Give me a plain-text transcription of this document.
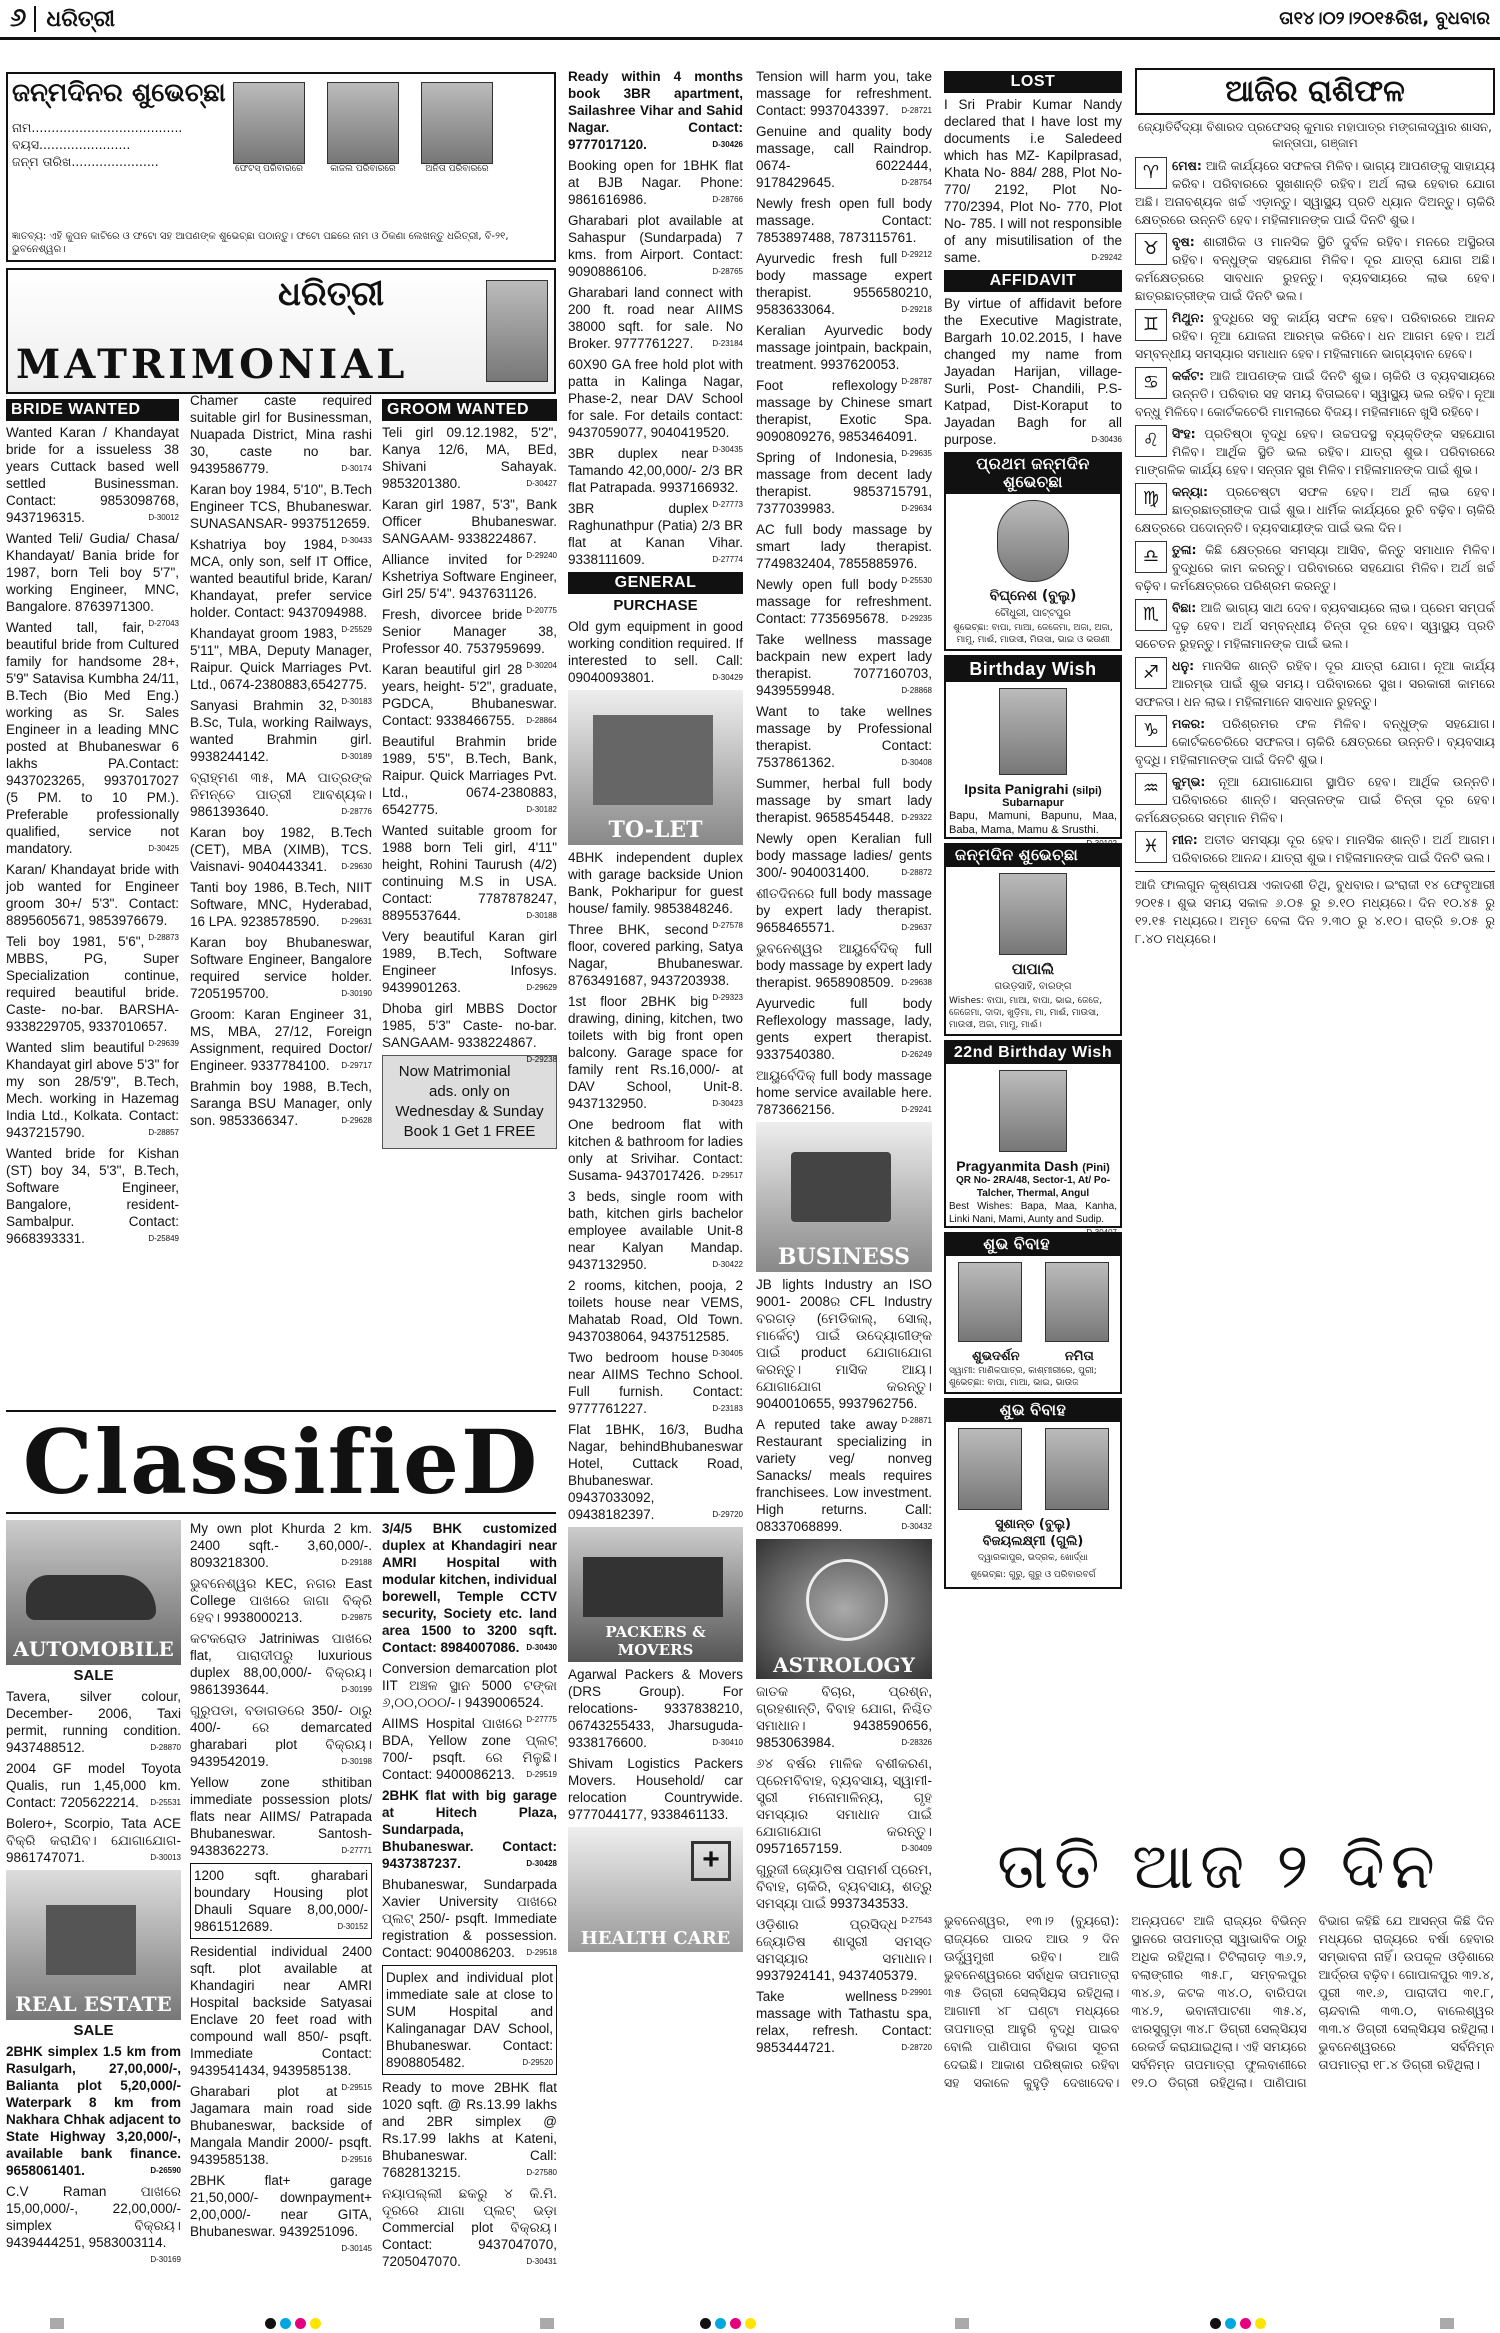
୬ ଧରିତ୍ରୀ	ତା୧୪।୦୨।୨୦୧୫ରିଖ, ବୁଧବାର
ଜନ୍ମଦିନର ଶୁଭେଚ୍ଛା
ନାମ......................................
ବୟସ.......................
ଜନ୍ମ ତାରିଖ......................	ଫେଟସ୍ ପରିବାରରେ	କାଜଲ ପରିବାରରେ	ଅନିତା ପରିବାରରେ
ଜ୍ଞାତବ୍ୟ: ଏହି କୁପନ କାଟିରେ ଓ ଫଟୋ ସହ ଆପଣଙ୍କ ଶୁଭେଚ୍ଛା ପଠାନ୍ତୁ। ଫଟୋ ପଛରେ ନାମ ଓ ଠିକଣା ଲେଖନ୍ତୁ ଧରିତ୍ରୀ, ବି-୨୧, ଭୁବନେଶ୍ୱର।
ଧରିତ୍ରୀ
MATRIMONIAL
BRIDE WANTED
Wanted Karan / Khandayat bride for a issueless 38 years Cuttack based well settled Businessman. Contact: 9853098768, 9437196315.	D-30012
Wanted Teli/ Gudia/ Chasa/ Khandayat/ Bania bride for 1987, born Teli boy 5'7", working Engineer, MNC, Bangalore. 8763971300.
D-27043
Wanted tall, fair, beautiful bride from Cultured family for handsome 28+, 5'9" Satavisa Kumbha 24/11, B.Tech (Bio Med Eng.) working as Sr. Sales Engineer in a leading MNC posted at Bhubaneswar 6 lakhs PA.Contact: 9437023265, 9937017027 (5 PM. to 10 PM.). Preferable professionally qualified, service not mandatory.	D-30425
Karan/ Khandayat bride with job wanted for Engineer groom 30+/ 5'3". Contact: 8895605671, 9853976679.
D-28873
Teli boy 1981, 5'6", MBBS, PG, Super Specialization continue, required beautiful bride. Caste- no-bar. BARSHA- 9338229705, 9337010657.
D-29639
Wanted slim beautiful Khandayat girl above 5'3" for my son 28/5'9", B.Tech, Mech. working in Hazemag India Ltd., Kolkata. Contact: 9437215790.	D-28857
Wanted bride for Kishan (ST) boy 34, 5'3", B.Tech, Software Engineer, Bangalore, resident- Sambalpur. Contact: 9668393331.	D-25849
Chamer caste required suitable girl for Businessman, Nuapada District, Mina rashi 30, caste no bar. 9439586779.	D-30174
Karan boy 1984, 5'10", B.Tech Engineer TCS, Bhubaneswar. SUNASANSAR- 9937512659.
D-30433
Kshatriya boy 1984, MCA, only son, self IT Office, wanted beautiful bride, Karan/ Khandayat, prefer service holder. Contact: 9437094988.
D-25529
Khandayat groom 1983, 5'11", MBA, Deputy Manager, Raipur. Quick Marriages Pvt. Ltd., 0674-2380883,6542775.
D-30183
Sanyasi Brahmin 32, B.Sc, Tula, working Railways, wanted Brahmin girl. 9938244142.	D-30189
ବ୍ରାହ୍ମଣ ୩୫, MA ପାତ୍ରଙ୍କ ନିମନ୍ତେ ପାତ୍ରୀ ଆବଶ୍ୟକ। 9861393640.	D-28776
Karan boy 1982, B.Tech (CET), MBA (XIMB), TCS. Vaisnavi- 9040443341. D-29630
Tanti boy 1986, B.Tech, NIIT Software, MNC, Hyderabad, 16 LPA. 9238578590.	D-29631
Karan boy Bhubaneswar, Software Engineer, Bangalore required service holder. 7205195700.	D-30190
Groom: Karan Engineer 31, MS, MBA, 27/12, Foreign Assignment, required Doctor/ Engineer. 9337784100. D-29717
Brahmin boy 1988, B.Tech, Saranga BSU Manager, only son. 9853366347.	D-29628
GROOM WANTED
Teli girl 09.12.1982, 5'2", Kanya 12/6, MA, BEd, Shivani Sahayak. 9853201380.	D-30427
Karan girl 1987, 5'3", Bank Officer Bhubaneswar. SANGAAM- 9338224867.
D-29240
Alliance invited for Kshetriya Software Engineer, Girl 25/ 5'4". 9437631126.
D-20775
Fresh, divorcee bride Senior Manager 38, Professor 40. 7537959699.
D-30204
Karan beautiful girl 28 years, height- 5'2", graduate, PGDCA, Bhubaneswar. Contact: 9338466755. D-28864
Beautiful Brahmin bride 1989, 5'5", B.Tech, Bank, Raipur. Quick Marriages Pvt. Ltd., 0674-2380883, 6542775.	D-30182
Wanted suitable groom for 1988 born Teli girl, 4'11" height, Rohini Taurush (4/2) continuing M.S in USA. Contact: 7787878247, 8895537644.	D-30188
Very beautiful Karan girl 1989, B.Tech, Software Engineer Infosys. 9439901263.	D-29629
Dhoba girl MBBS Doctor 1985, 5'3" Caste- no-bar. SANGAAM- 9338224867.
D-29238
Now Matrimonial ads. only on
Wednesday & Sunday
Book 1 Get 1 FREE
ClassifieD
AUTOMOBILE
SALE
Tavera, silver colour, December- 2006, Taxi permit, running condition. 9437488512.	D-28870
2004 GF model Toyota Qualis, run 1,45,000 km. Contact: 7205622214. D-25531
Bolero+, Scorpio, Tata ACE ବିକ୍ରି କରାଯିବ। ଯୋଗାଯୋଗ- 9861747071.	D-30013
REAL ESTATE
SALE
2BHK simplex 1.5 km from Rasulgarh, 27,00,000/-, Balianta plot 5,20,000/- Waterpark 8 km from Nakhara Chhak adjacent to State Highway 3,20,000/-, available bank finance. 9658061401.	D-26590
C.V Raman ପାଖରେ 15,00,000/-, 22,00,000/- simplex ବିକ୍ରୟ। 9439444251, 9583003114.
D-30169
My own plot Khurda 2 km. 2400 sqft.- 3,60,000/-. 8093218300.	D-29188
ଭୁବନେଶ୍ୱର KEC, ନଗର East College ପାଖରେ ଜାଗା ବିକ୍ରି ହେବ। 9938000213.	D-29875
କଟକରୋଡ Jatriniwas ପାଖରେ flat, ପାରାଦୀପରୁ luxurious duplex 88,00,000/- ବିକ୍ରୟ। 9861393644.	D-30199
ଗୁରୁପଡା, ବଡାଗଡରେ 350/- ଠାରୁ 400/- ରେ demarcated gharabari plot ବିକ୍ରୟ। 9439542019.	D-30198
Yellow zone sthitiban immediate possession plots/ flats near AIIMS/ Patrapada Bhubaneswar. Santosh- 9438362273.	D-27771
1200 sqft. gharabari boundary Housing plot Dhauli Square 8,00,000/- 9861512689.	D-30152
Residential individual 2400 sqft. plot available at Khandagiri near AMRI Hospital backside Satyasai Enclave 20 feet road with compound wall 850/- psqft. Immediate Contact: 9439541434, 9439585138.
D-29515
Gharabari plot at Jagamara main road side Bhubaneswar, backside of Mangala Mandir 2000/- psqft. 9439585138.	D-29516
2BHK flat+ garage 21,50,000/- downpayment+ 2,00,000/- near GITA, Bhubaneswar. 9439251096.
D-30145
3/4/5 BHK customized duplex at Khandagiri near AMRI Hospital with modular kitchen, individual borewell, Temple CCTV security, Society etc. land area 1500 to 3200 sqft. Contact: 8984007086. D-30430
Conversion demarcation plot IIT ଅଞ୍ଚଳ ସ୍ଥାନ 5000 ଟଙ୍କା ୬,୦୦,୦୦୦/-। 9439006524.
D-27775
AIIMS Hospital ପାଖରେ BDA, Yellow zone ପ୍ଲଟ୍ 700/- psqft. ରେ ମିଳୁଛି। Contact: 9400086213. D-29519
2BHK flat with big garage at Hitech Plaza, Sundarpada, Bhubaneswar. Contact: 9437387237.	D-30428
Bhubaneswar, Sundarpada Xavier University ପାଖରେ ପ୍ଲଟ୍ 250/- psqft. Immediate registration & possession. Contact: 9040086203. D-29518
Duplex and individual plot immediate sale at close to SUM Hospital and Kalinganagar DAV School, Bhubaneswar. Contact: 8908805482.	D-29520
Ready to move 2BHK flat 1020 sqft. @ Rs.13.99 lakhs and 2BR simplex @ Rs.17.99 lakhs at Kateni, Bhubaneswar. Call: 7682813215.	D-27580
ନୟାପଲ୍ଲୀ ଛକରୁ ୪ କି.ମି. ଦୂରରେ ଯାଗା ପ୍ଲଟ୍ ଭଡ଼ା Commercial plot ବିକ୍ରୟ। Contact: 9437047070, 7205047070.	D-30431
Ready within 4 months book 3BR apartment, Sailashree Vihar and Sahid Nagar. Contact: 9777017120.	D-30426
Booking open for 1BHK flat at BJB Nagar. Phone: 9861616986.	D-28766
Gharabari plot available at Sahaspur (Sundarpada) 7 kms. from Airport. Contact: 9090886106.	D-28765
Gharabari land connect with 200 ft. road near AIIMS 38000 sqft. for sale. No Broker. 9777761227. D-23184
60X90 GA free hold plot with patta in Kalinga Nagar, Phase-2, near DAV School for sale. For details contact: 9437059077, 9040419520.
D-30435
3BR duplex near Tamando 42,00,000/- 2/3 BR flat Patrapada. 9937166932.
D-27773
3BR duplex Raghunathpur (Patia) 2/3 BR flat at Kanan Vihar. 9338111609.	D-27774
GENERAL
PURCHASE
Old gym equipment in good working condition required. If interested to sell. Call: 09040093801.	D-30429
TO-LET
4BHK independent duplex with garage backside Union Bank, Pokharipur for guest house/ family. 9853848246.
D-27578
Three BHK, second floor, covered parking, Satya Nagar, Bhubaneswar. 8763491687, 9437203938.
D-29323
1st floor 2BHK big drawing, dining, kitchen, two toilets with big front open balcony. Garage space for family rent Rs.16,000/- at DAV School, Unit-8. 9437132950.	D-30423
One bedroom flat with kitchen & bathroom for ladies only at Srivihar. Contact: Susama- 9437017426. D-29517
3 beds, single room with bath, kitchen girls bachelor employee available Unit-8 near Kalyan Mandap. 9437132950.	D-30422
2 rooms, kitchen, pooja, 2 toilets house near VEMS, Mahatab Road, Old Town. 9437038064, 9437512585.
D-30405
Two bedroom house near AIIMS Techno School. Full furnish. Contact: 9777761227.	D-23183
Flat 1BHK, 16/3, Budha Nagar, behindBhubaneswar Hotel, Cuttack Road, Bhubaneswar. 09437033092, 09438182397.	D-29720
PACKERS & MOVERS
Agarwal Packers & Movers (DRS Group). For relocations- 9337838210, 06743255433, Jharsuguda-9338176600.	D-30410
Shivam Logistics Packers Movers. Household/ car relocation Countrywide. 9777044177, 9338461133.
+
HEALTH CARE
Tension will harm you, take massage for refreshment. Contact: 9937043397. D-28721
Genuine and quality body massage, call Raindrop. 0674- 6022444, 9178429645.	D-28754
Newly fresh open full body massage. Contact: 7853897488, 7873115761.
D-29212
Ayurvedic fresh full body massage expert therapist. 9556580210, 9583633064.	D-29218
Keralian Ayurvedic body massage jointpain, backpain, treatment. 9937620053.
D-28787
Foot reflexology massage by Chinese smart therapist, Exotic Spa. 9090809276, 9853464091.
D-29635
Spring of Indonesia, massage from decent lady therapist. 9853715791, 7377039983.	D-29634
AC full body massage by smart lady therapist. 7749832404, 7855885976.
D-25530
Newly open full body massage for refreshment. Contact: 7735695678. D-29235
Take wellness massage backpain new expert lady therapist. 7077160703, 9439559948.	D-28868
Want to take wellnes massage by Professional therapist. Contact: 7537861362.	D-30408
Summer, herbal full body massage by smart lady therapist. 9658545448. D-29322
Newly open Keralian full body massage ladies/ gents 300/- 9040031400.	D-28872
ଶୀତଦିନରେ full body massage by expert lady therapist. 9658465571.	D-29637
ଭୁବନେଶ୍ୱର ଆୟୁର୍ବେଦିକ୍ full body massage by expert lady therapist. 9658908509. D-29638
Ayurvedic full body Reflexology massage, lady, gents expert therapist. 9337540380.	D-26249
ଆୟୁର୍ବେଦିକ୍ full body massage home service available here. 7873662156.	D-29241
BUSINESS
JB lights Industry an ISO 9001- 2008ର CFL Industry ବରଗଡ଼ (ମେଡିକାଲ୍, ସୋଲ୍, ମାର୍କେଟ୍) ପାଇଁ ଉଦ୍ୟୋଗୀଙ୍କ ପାଇଁ product ଯୋଗାଯୋଗ କରନ୍ତୁ। ମାସିକ ଆୟ। ଯୋଗାଯୋଗ କରନ୍ତୁ। 9040010655, 9937962756.
D-28871
A reputed take away Restaurant specializing in variety veg/ nonveg Sanacks/ meals requires franchisees. Low investment. High returns. Call: 08337068899.	D-30432
ASTROLOGY
ଜାତକ ବିଚାର, ପ୍ରଶ୍ନ, ଗ୍ରହଶାନ୍ତି, ବିବାହ ଯୋଗ, ନିଶ୍ଚିତ ସମାଧାନ। 9438590656, 9853063984.	D-28326
୬୪ ବର୍ଷର ମାଳିକ ବଶୀକରଣ, ପ୍ରେମବିବାହ, ବ୍ୟବସାୟ, ସ୍ୱାମୀ-ସ୍ତ୍ରୀ ମନୋମାଳିନ୍ୟ, ଗୃହ ସମସ୍ୟାର ସମାଧାନ ପାଇଁ ଯୋଗାଯୋଗ କରନ୍ତୁ। 09571657159.	D-30409
ଗୁରୁଜୀ ଜ୍ୟୋତିଷ ପରାମର୍ଶ ପ୍ରେମ, ବିବାହ, ଚାକିରି, ବ୍ୟବସାୟ, ଶତ୍ରୁ ସମସ୍ୟା ପାଇଁ 9937343533.
D-27543
ଓଡ଼ିଶାର ପ୍ରସିଦ୍ଧ ଜ୍ୟୋତିଷ ଶାସ୍ତ୍ରୀ ସମସ୍ତ ସମସ୍ୟାର ସମାଧାନ। 9937924141, 9437405379.
D-29901
Take wellness massage with Tathastu spa, relax, refresh. Contact: 9853444721.	D-28720
LOST
I Sri Prabir Kumar Nandy declared that I have lost my documents i.e Saledeed which has MZ- Kapilprasad, Khata No- 884/ 288, Plot No- 770/ 2192, Plot No- 770/2394, Plot No- 770, Plot No- 785. I will not responsible of any misutilisation of the same.	D-29242
AFFIDAVIT
By virtue of affidavit before the Executive Magistrate, Bargarh 10.02.2015, I have changed my name from Jayadan Harijan, village- Surli, Post- Chandili, P.S- Katpad, Dist-Koraput to Jayadan Bagh for all purpose.	D-30436
ପ୍ରଥମ ଜନ୍ମଦିନ ଶୁଭେଚ୍ଛା
ବିଘ୍ନେଶ (ବୁଲୁ)
ଚୌଧୁରୀ, ପାଟ୍ଟପୁର
ଶୁଭେଚ୍ଛା: ବାପା, ମାଆ, ଜେଜେମା, ଅଜା, ଅଜା, ମାମୁ, ମାଈଁ, ମାଉସୀ, ମିଉସା, ଭାଇ ଓ ଭଉଣୀ
Birthday Wish
Ipsita Panigrahi (silpi)
Subarnapur
Bapu, Mamuni, Bapunu, Maa, Baba, Mama, Mamu & Srusthi.
D-30102
ଜନ୍ମଦିନ ଶୁଭେଚ୍ଛା
ପାପାଲି
ଗଉଡ଼ସାହି, ବାରଙ୍ଗ
Wishes: ବାପା, ମାଆ, ବାପା, ଭାଇ, ଜେଜେ, ଜେଜେମା, ଦାଦା, ଖୁଡ଼ିମା, ମା, ମାଈଁ, ମାଉସା, ମାଉସୀ, ଅଜା, ମାମୁ, ମାଈଁ।
22nd Birthday Wish
Pragyanmita Dash (Pini)
QR No- 2RA/48, Sector-1, At/ Po- Talcher, Thermal, Angul
Best Wishes: Bapa, Maa, Kanha, Linki Nani, Mami, Aunty and Sudip.
D-30407
ଶୁଭ ବିବାହ
ଶୁଭଦର୍ଶନ          ନମିତା
ସ୍ୱାମୀ: ମାଣିକପାତ୍ର, କାଶ୍ମୀରୀରେ, ପୁରୀ; ଶୁଭେଚ୍ଛା: ବାପା, ମାଆ, ଭାଇ, ଭାଉଜ
ଶୁଭ ବିବାହ
ସୁଶାନ୍ତ (ବୁଲୁ)
ବିଜୟଲକ୍ଷ୍ମୀ (ଗୁଲି)
ଦ୍ୱାରକାପୁର, ଭଦ୍ରକ, ଖୋର୍ଦ୍ଧା
ଶୁଭେଚ୍ଛା: ଗୁରୁ, ଗୁରୁ ଓ ପରିବାରବର୍ଗ
ଆଜିର ରାଶିଫଳ
ଜ୍ୟୋତିର୍ବିଦ୍ୟା ବିଶାରଦ ପ୍ରଫେସର୍ କୁମାର ମହାପାତ୍ର ମଙ୍ଗଳାଦ୍ୱାର ଶାସନ, କାନ୍ତାପା, ଗଞ୍ଜାମ
♈	ମେଷ: ଆଜି କାର୍ଯ୍ୟରେ ସଫଳତା ମିଳିବ। ଭାଗ୍ୟ ଆପଣଙ୍କୁ ସାହାଯ୍ୟ କରିବ। ପରିବାରରେ ସୁଖଶାନ୍ତି ରହିବ। ଅର୍ଥ ଲାଭ ହେବାର ଯୋଗ ଅଛି। ଅନାବଶ୍ୟକ ଖର୍ଚ୍ଚ ଏଡ଼ାନ୍ତୁ। ସ୍ୱାସ୍ଥ୍ୟ ପ୍ରତି ଧ୍ୟାନ ଦିଅନ୍ତୁ। ଚାକିରି କ୍ଷେତ୍ରରେ ଉନ୍ନତି ହେବ। ମହିଳାମାନଙ୍କ ପାଇଁ ଦିନଟି ଶୁଭ।
♉	ବୃଷ: ଶାରୀରିକ ଓ ମାନସିକ ସ୍ଥିତି ଦୁର୍ବଳ ରହିବ। ମନରେ ଅସ୍ଥିରତା ରହିବ। ବନ୍ଧୁଙ୍କ ସହଯୋଗ ମିଳିବ। ଦୂର ଯାତ୍ରା ଯୋଗ ଅଛି। କର୍ମକ୍ଷେତ୍ରରେ ସାବଧାନ ରୁହନ୍ତୁ। ବ୍ୟବସାୟରେ ଲାଭ ହେବ। ଛାତ୍ରଛାତ୍ରୀଙ୍କ ପାଇଁ ଦିନଟି ଭଲ।
♊	ମିଥୁନ: ବୁଦ୍ଧିରେ ସବୁ କାର୍ଯ୍ୟ ସଫଳ ହେବ। ପରିବାରରେ ଆନନ୍ଦ ରହିବ। ନୂଆ ଯୋଜନା ଆରମ୍ଭ କରିବେ। ଧନ ଆଗମ ହେବ। ଅର୍ଥ ସମ୍ବନ୍ଧୀୟ ସମସ୍ୟାର ସମାଧାନ ହେବ। ମହିଳାମାନେ ଭାଗ୍ୟବାନ ହେବେ।
♋	କର୍କଟ: ଆଜି ଆପଣଙ୍କ ପାଇଁ ଦିନଟି ଶୁଭ। ଚାକିରି ଓ ବ୍ୟବସାୟରେ ଉନ୍ନତି। ପରିବାର ସହ ସମୟ ବିତାଇବେ। ସ୍ୱାସ୍ଥ୍ୟ ଭଲ ରହିବ। ନୂଆ ବନ୍ଧୁ ମିଳିବେ। କୋର୍ଟକଚେରି ମାମଲାରେ ବିଜୟ। ମହିଳାମାନେ ଖୁସି ରହିବେ।
♌	ସିଂହ: ପ୍ରତିଷ୍ଠା ବୃଦ୍ଧି ହେବ। ଉଚ୍ଚପଦସ୍ଥ ବ୍ୟକ୍ତିଙ୍କ ସହଯୋଗ ମିଳିବ। ଆର୍ଥିକ ସ୍ଥିତି ଭଲ ରହିବ। ଯାତ୍ରା ଶୁଭ। ପରିବାରରେ ମାଙ୍ଗଳିକ କାର୍ଯ୍ୟ ହେବ। ସନ୍ତାନ ସୁଖ ମିଳିବ। ମହିଳାମାନଙ୍କ ପାଇଁ ଶୁଭ।
♍	କନ୍ୟା: ପ୍ରଚେଷ୍ଟା ସଫଳ ହେବ। ଅର୍ଥ ଲାଭ ହେବ। ଛାତ୍ରଛାତ୍ରୀଙ୍କ ପାଇଁ ଶୁଭ। ଧାର୍ମିକ କାର୍ଯ୍ୟରେ ରୁଚି ବଢ଼ିବ। ଚାକିରି କ୍ଷେତ୍ରରେ ପଦୋନ୍ନତି। ବ୍ୟବସାୟୀଙ୍କ ପାଇଁ ଭଲ ଦିନ।
♎	ତୁଳା: କିଛି କ୍ଷେତ୍ରରେ ସମସ୍ୟା ଆସିବ, କିନ୍ତୁ ସମାଧାନ ମିଳିବ। ବୁଦ୍ଧିରେ କାମ କରନ୍ତୁ। ପରିବାରରେ ସହଯୋଗ ମିଳିବ। ଅର୍ଥ ଖର୍ଚ୍ଚ ବଢ଼ିବ। କର୍ମକ୍ଷେତ୍ରରେ ପରିଶ୍ରମ କରନ୍ତୁ।
♏	ବିଛା: ଆଜି ଭାଗ୍ୟ ସାଥ ଦେବ। ବ୍ୟବସାୟରେ ଲାଭ। ପ୍ରେମ ସମ୍ପର୍କ ଦୃଢ଼ ହେବ। ଅର୍ଥ ସମ୍ବନ୍ଧୀୟ ଚିନ୍ତା ଦୂର ହେବ। ସ୍ୱାସ୍ଥ୍ୟ ପ୍ରତି ସଚେତନ ରୁହନ୍ତୁ। ମହିଳାମାନଙ୍କ ପାଇଁ ଭଲ।
♐	ଧନୁ: ମାନସିକ ଶାନ୍ତି ରହିବ। ଦୂର ଯାତ୍ରା ଯୋଗ। ନୂଆ କାର୍ଯ୍ୟ ଆରମ୍ଭ ପାଇଁ ଶୁଭ ସମୟ। ପରିବାରରେ ସୁଖ। ସରକାରୀ କାମରେ ସଫଳତା। ଧନ ଲାଭ। ମହିଳାମାନେ ସାବଧାନ ରୁହନ୍ତୁ।
♑	ମକର: ପରିଶ୍ରମର ଫଳ ମିଳିବ। ବନ୍ଧୁଙ୍କ ସହଯୋଗ। କୋର୍ଟକଚେରିରେ ସଫଳତା। ଚାକିରି କ୍ଷେତ୍ରରେ ଉନ୍ନତି। ବ୍ୟବସାୟ ବୃଦ୍ଧି। ମହିଳାମାନଙ୍କ ପାଇଁ ଦିନଟି ଶୁଭ।
♒	କୁମ୍ଭ: ନୂଆ ଯୋଗାଯୋଗ ସ୍ଥାପିତ ହେବ। ଆର୍ଥିକ ଉନ୍ନତି। ପରିବାରରେ ଶାନ୍ତି। ସନ୍ତାନଙ୍କ ପାଇଁ ଚିନ୍ତା ଦୂର ହେବ। କର୍ମକ୍ଷେତ୍ରରେ ସମ୍ମାନ ମିଳିବ।
♓	ମୀନ: ଅତୀତ ସମସ୍ୟା ଦୂର ହେବ। ମାନସିକ ଶାନ୍ତି। ଅର୍ଥ ଆଗମ। ପରିବାରରେ ଆନନ୍ଦ। ଯାତ୍ରା ଶୁଭ। ମହିଳାମାନଙ୍କ ପାଇଁ ଦିନଟି ଭଲ।
ଆଜି ଫାଲଗୁନ କୃଷ୍ଣପକ୍ଷ ଏକାଦଶୀ ତିଥି, ବୁଧବାର। ଇଂରାଜୀ ୧୪ ଫେବୃଆରୀ ୨୦୧୫। ଶୁଭ ସମୟ ସକାଳ ୬.୦୫ ରୁ ୭.୧୦ ମଧ୍ୟରେ। ଦିନ ୧୦.୪୫ ରୁ ୧୨.୧୫ ମଧ୍ୟରେ। ଅମୃତ ବେଳା ଦିନ ୨.୩୦ ରୁ ୪.୧୦। ରାତ୍ରି ୭.୦୫ ରୁ ୮.୪୦ ମଧ୍ୟରେ।
ତାତି ଆଜ ୨ ଦିନ
ଭୁବନେଶ୍ୱର, ୧୩।୨ (ବ୍ୟୁରୋ): ରାଜ୍ୟରେ ପାରଦ ଆଉ ୨ ଦିନ ଊର୍ଦ୍ଧ୍ୱମୁଖୀ ରହିବ। ଆଜି ଭୁବନେଶ୍ୱରରେ ସର୍ବାଧିକ ତାପମାତ୍ରା ୩୫ ଡିଗ୍ରୀ ସେଲ୍ସିୟସ ରହିଥିଲା। ଆଗାମୀ ୪୮ ଘଣ୍ଟା ମଧ୍ୟରେ ତାପମାତ୍ରା ଆହୁରି ବୃଦ୍ଧି ପାଇବ ବୋଲି ପାଣିପାଗ ବିଭାଗ ସୂଚନା ଦେଇଛି। ଆକାଶ ପରିଷ୍କାର ରହିବା ସହ ସକାଳେ କୁହୁଡ଼ି ଦେଖାଦେବ। ଅନ୍ୟପଟେ ଆଜି ରାଜ୍ୟର ବିଭିନ୍ନ ସ୍ଥାନରେ ତାପମାତ୍ରା ସ୍ୱାଭାବିକ ଠାରୁ ଅଧିକ ରହିଥିଲା। ଟିଟିଲାଗଡ଼ ୩୬.୨, ବଲାଙ୍ଗୀର ୩୫.୮, ସମ୍ବଲପୁର ୩୪.୬, କଟକ ୩୪.୦, ବାରିପଦା ୩୪.୨, ଭବାନୀପାଟଣା ୩୫.୪, ଝାରସୁଗୁଡ଼ା ୩୪.୮ ଡିଗ୍ରୀ ସେଲ୍ସିୟସ ରେକର୍ଡ କରାଯାଇଥିଲା। ଏହି ସମୟରେ ସର୍ବନିମ୍ନ ତାପମାତ୍ରା ଫୁଲବାଣୀରେ ୧୨.୦ ଡିଗ୍ରୀ ରହିଥିଲା। ପାଣିପାଗ ବିଭାଗ କହିଛି ଯେ ଆସନ୍ତା କିଛି ଦିନ ମଧ୍ୟରେ ରାଜ୍ୟରେ ବର୍ଷା ହେବାର ସମ୍ଭାବନା ନାହିଁ। ଉପକୂଳ ଓଡ଼ିଶାରେ ଆର୍ଦ୍ରତା ବଢ଼ିବ। ଗୋପାଳପୁର ୩୨.୪, ପୁରୀ ୩୧.୬, ପାରାଦୀପ ୩୧.୮, ଚାନ୍ଦବାଲି ୩୩.୦, ବାଲେଶ୍ୱର ୩୩.୪ ଡିଗ୍ରୀ ସେଲ୍ସିୟସ ରହିଥିଲା। ଭୁବନେଶ୍ୱରରେ ସର୍ବନିମ୍ନ ତାପମାତ୍ରା ୧୮.୪ ଡିଗ୍ରୀ ରହିଥିଲା।
